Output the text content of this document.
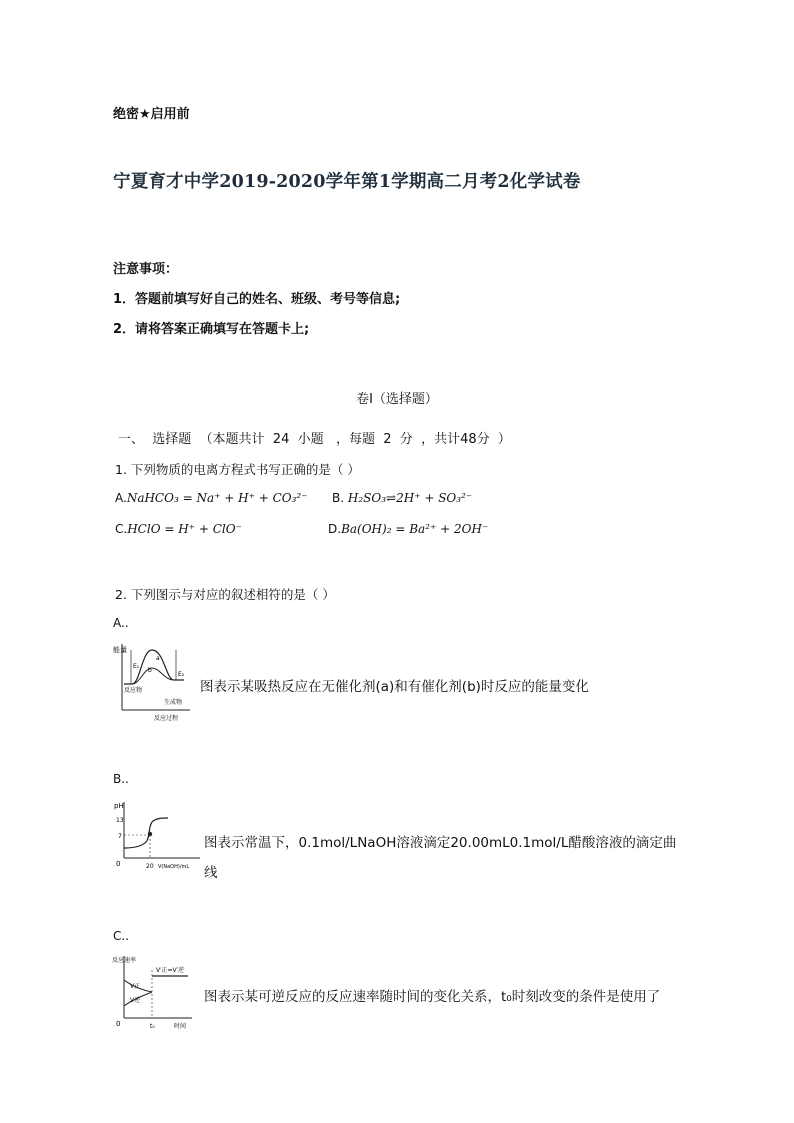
绝密★启用前
宁夏育才中学2019-2020学年第1学期高二月考2化学试卷
注意事项：
1．答题前填写好自己的姓名、班级、考号等信息;
2．请将答案正确填写在答题卡上;
卷I（选择题）
一、  选择题  （本题共计  24  小题   ，每题  2  分  ，共计48分  ）
1. 下列物质的电离方程式书写正确的是（ ）
A.NaHCO₃ = Na⁺ + H⁺ + CO₃²⁻ B. H₂SO₃⇌2H⁺ + SO₃²⁻
C.HClO = H⁺ + ClO⁻	D.Ba(OH)₂ = Ba²⁺ + 2OH⁻
2. 下列图示与对应的叙述相符的是（ ）
A..
能量
反应过程
E₁
E₂
a
b
反应物
生成物
图表示某吸热反应在无催化剂(a)和有催化剂(b)时反应的能量变化
B..
pH
13
7
0	20 V(NaOH)/mL
图表示常温下，0.1mol/LNaOH溶液滴定20.00mL0.1mol/L醋酸溶液的滴定曲
线
C..
反应速率
时间
0	t₀
V′正=V′逆
V正
V逆	图表示某可逆反应的反应速率随时间的变化关系，t₀时刻改变的条件是使用了
